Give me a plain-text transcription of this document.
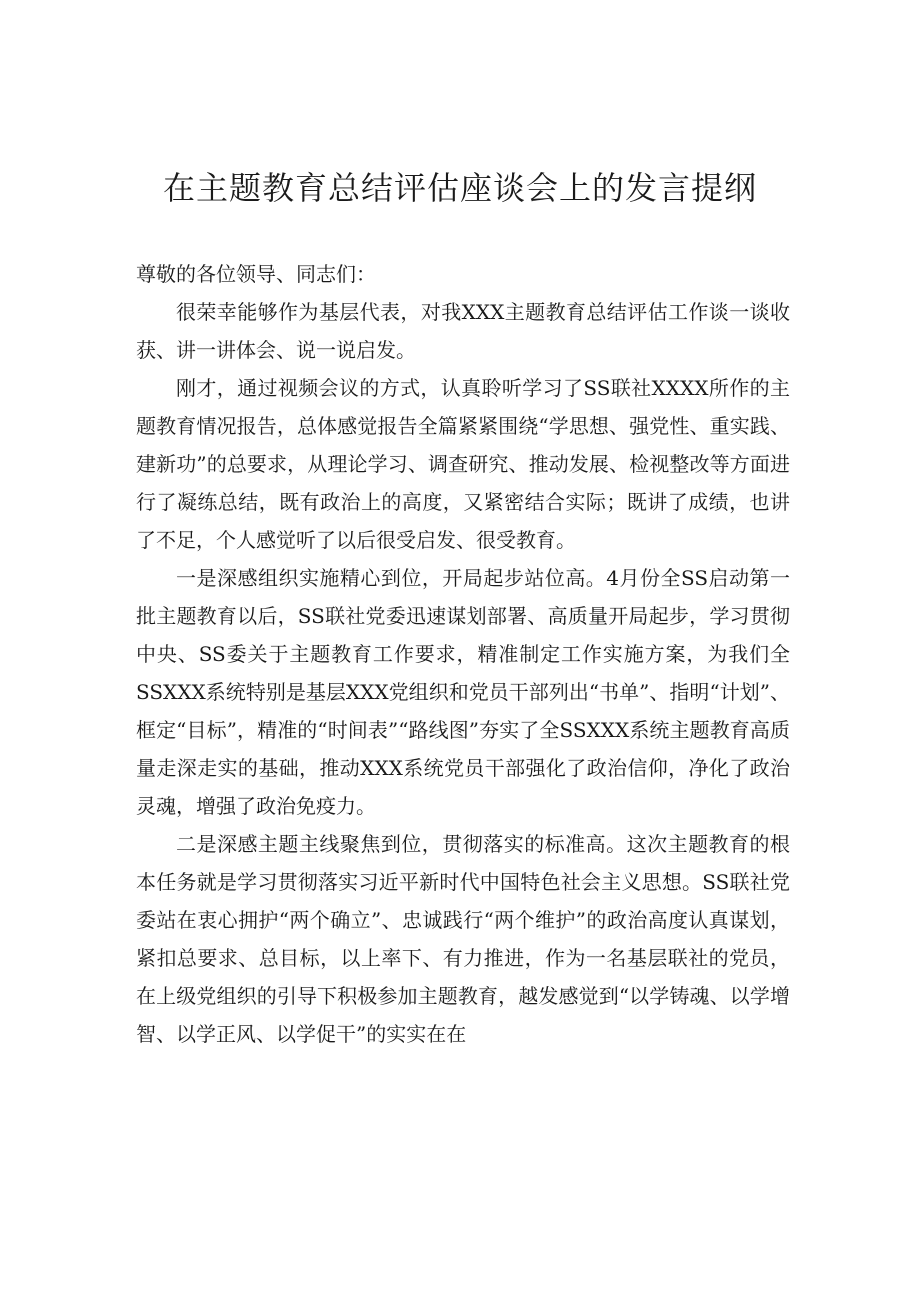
在主题教育总结评估座谈会上的发言提纲

尊敬的各位领导、同志们：

很荣幸能够作为基层代表，对我XXX主题教育总结评估工作谈一谈收获、讲一讲体会、说一说启发。

刚才，通过视频会议的方式，认真聆听学习了SS联社XXXX所作的主题教育情况报告，总体感觉报告全篇紧紧围绕“学思想、强党性、重实践、建新功”的总要求，从理论学习、调查研究、推动发展、检视整改等方面进行了凝练总结，既有政治上的高度，又紧密结合实际；既讲了成绩，也讲了不足，个人感觉听了以后很受启发、很受教育。

一是深感组织实施精心到位，开局起步站位高。4月份全SS启动第一批主题教育以后，SS联社党委迅速谋划部署、高质量开局起步，学习贯彻中央、SS委关于主题教育工作要求，精准制定工作实施方案，为我们全SSXXX系统特别是基层XXX党组织和党员干部列出“书单”、指明“计划”、框定“目标”，精准的“时间表”“路线图”夯实了全SSXXX系统主题教育高质量走深走实的基础，推动XXX系统党员干部强化了政治信仰，净化了政治灵魂，增强了政治免疫力。

二是深感主题主线聚焦到位，贯彻落实的标准高。这次主题教育的根本任务就是学习贯彻落实习近平新时代中国特色社会主义思想。SS联社党委站在衷心拥护“两个确立”、忠诚践行“两个维护”的政治高度认真谋划，紧扣总要求、总目标，以上率下、有力推进，作为一名基层联社的党员，在上级党组织的引导下积极参加主题教育，越发感觉到“以学铸魂、以学增智、以学正风、以学促干”的实实在在
